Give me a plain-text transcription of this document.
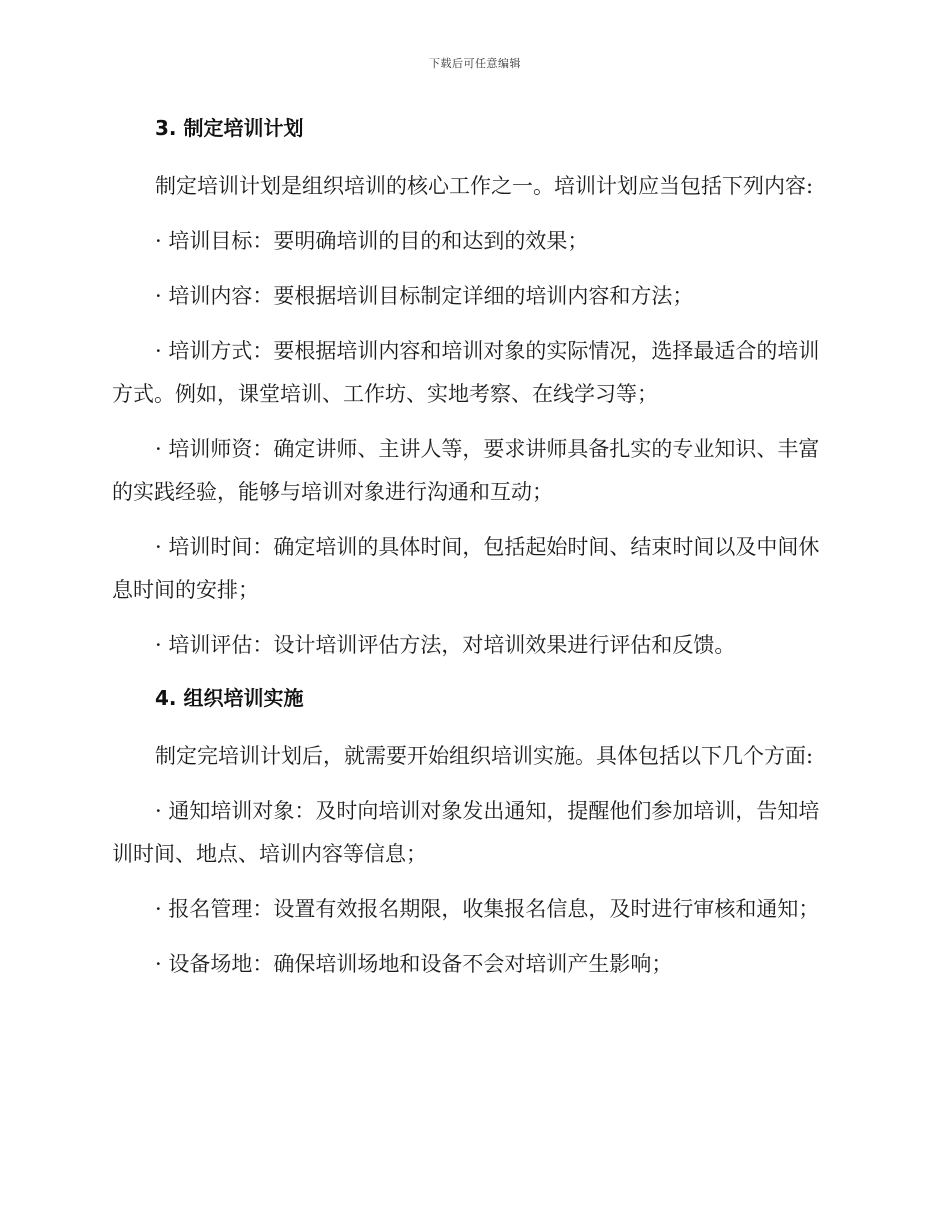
下载后可任意编辑
3. 制定培训计划

制定培训计划是组织培训的核心工作之一。培训计划应当包括下列内容:

· 培训目标：要明确培训的目的和达到的效果；

· 培训内容：要根据培训目标制定详细的培训内容和方法；

· 培训方式：要根据培训内容和培训对象的实际情况，选择最适合的培训方式。例如，课堂培训、工作坊、实地考察、在线学习等；

· 培训师资：确定讲师、主讲人等，要求讲师具备扎实的专业知识、丰富的实践经验，能够与培训对象进行沟通和互动；

· 培训时间：确定培训的具体时间，包括起始时间、结束时间以及中间休息时间的安排；

· 培训评估：设计培训评估方法，对培训效果进行评估和反馈。

4. 组织培训实施

制定完培训计划后，就需要开始组织培训实施。具体包括以下几个方面:

· 通知培训对象：及时向培训对象发出通知，提醒他们参加培训，告知培训时间、地点、培训内容等信息；

· 报名管理：设置有效报名期限，收集报名信息，及时进行审核和通知；

· 设备场地：确保培训场地和设备不会对培训产生影响；
